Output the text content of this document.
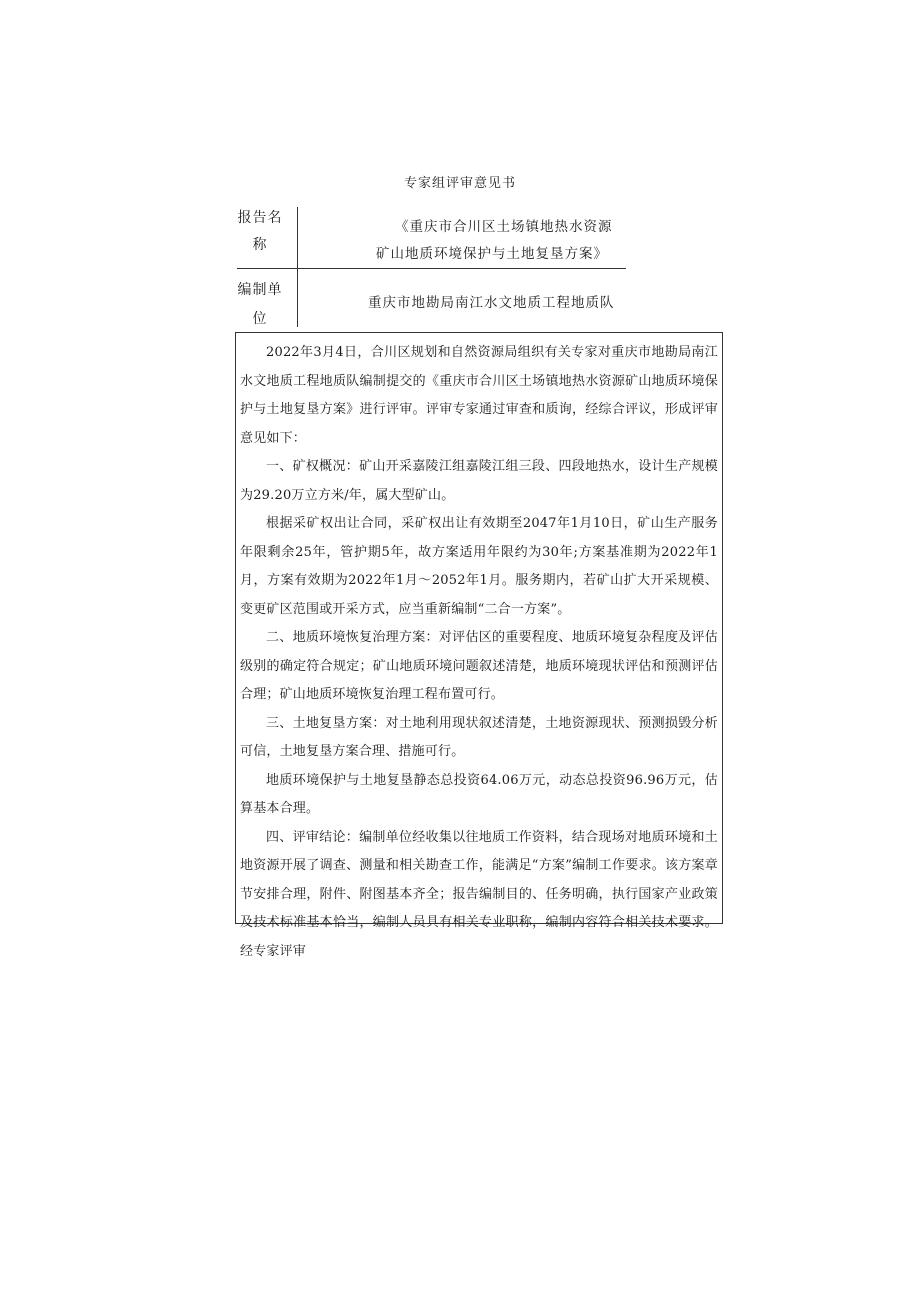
专家组评审意见书
报告名
称
《重庆市合川区土场镇地热水资源
矿山地质环境保护与土地复垦方案》
编制单
位
重庆市地勘局南江水文地质工程地质队

2022年3月4日，合川区规划和自然资源局组织有关专家对重庆市地勘局南江水文地质工程地质队编制提交的《重庆市合川区土场镇地热水资源矿山地质环境保护与土地复垦方案》进行评审。评审专家通过审查和质询，经综合评议，形成评审意见如下：

一、矿权概况：矿山开采嘉陵江组嘉陵江组三段、四段地热水，设计生产规模为29.20万立方米/年，属大型矿山。

根据采矿权出让合同，采矿权出让有效期至2047年1月10日，矿山生产服务年限剩余25年，管护期5年，故方案适用年限约为30年;方案基准期为2022年1月，方案有效期为2022年1月～2052年1月。服务期内，若矿山扩大开采规模、变更矿区范围或开采方式，应当重新编制“二合一方案”。

二、地质环境恢复治理方案：对评估区的重要程度、地质环境复杂程度及评估级别的确定符合规定；矿山地质环境问题叙述清楚，地质环境现状评估和预测评估合理；矿山地质环境恢复治理工程布置可行。

三、土地复垦方案：对土地利用现状叙述清楚，土地资源现状、预测损毁分析可信，土地复垦方案合理、措施可行。

地质环境保护与土地复垦静态总投资64.06万元，动态总投资96.96万元，估算基本合理。

四、评审结论：编制单位经收集以往地质工作资料，结合现场对地质环境和土地资源开展了调查、测量和相关勘查工作，能满足“方案”编制工作要求。该方案章节安排合理，附件、附图基本齐全；报告编制目的、任务明确，执行国家产业政策及技术标准基本恰当，编制人员具有相关专业职称，编制内容符合相关技术要求。经专家评审
